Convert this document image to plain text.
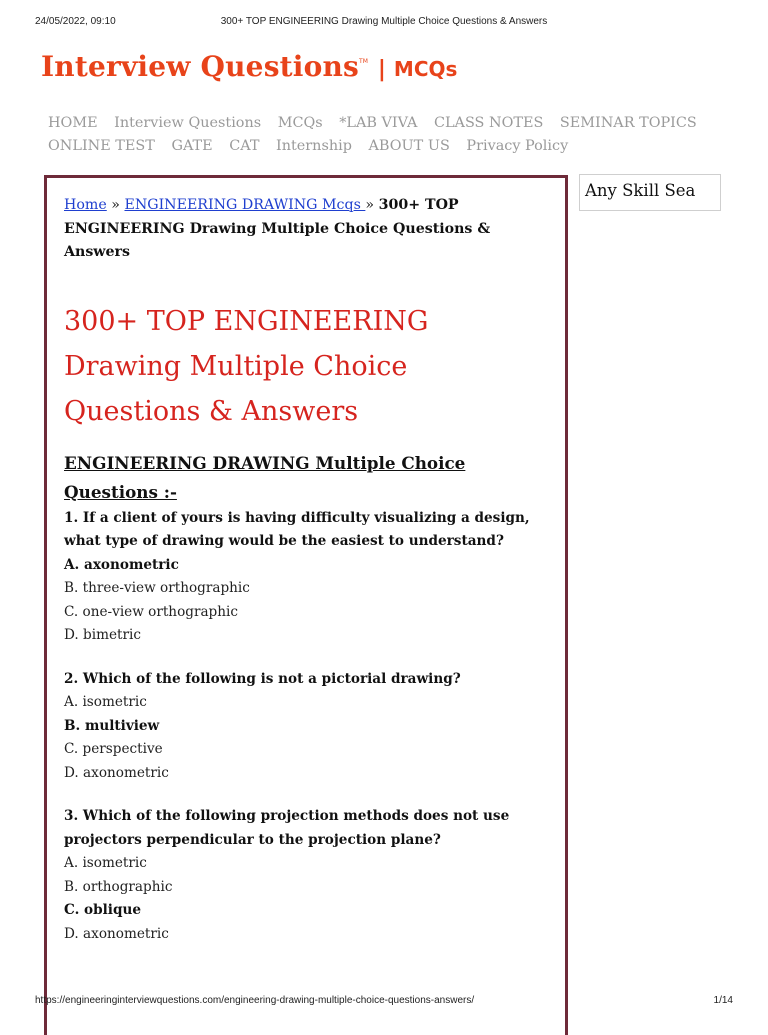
24/05/2022, 09:10	300+ TOP ENGINEERING Drawing Multiple Choice Questions & Answers
Interview Questions™ | MCQs
HOME Interview Questions MCQs *LAB VIVA CLASS NOTES SEMINAR TOPICS
ONLINE TEST GATE CAT Internship ABOUT US Privacy Policy
Home » ENGINEERING DRAWING Mcqs » 300+ TOP ENGINEERING Drawing Multiple Choice Questions & Answers
300+ TOP ENGINEERING Drawing Multiple Choice Questions & Answers
ENGINEERING DRAWING Multiple Choice Questions :-
1. If a client of yours is having difficulty visualizing a design, what type of drawing would be the easiest to understand?
A. axonometric
B. three-view orthographic
C. one-view orthographic
D. bimetric
2. Which of the following is not a pictorial drawing?
A. isometric
B. multiview
C. perspective
D. axonometric
3. Which of the following projection methods does not use projectors perpendicular to the projection plane?
A. isometric
B. orthographic
C. oblique
D. axonometric
Any Skill Sea
https://engineeringinterviewquestions.com/engineering-drawing-multiple-choice-questions-answers/	1/14
